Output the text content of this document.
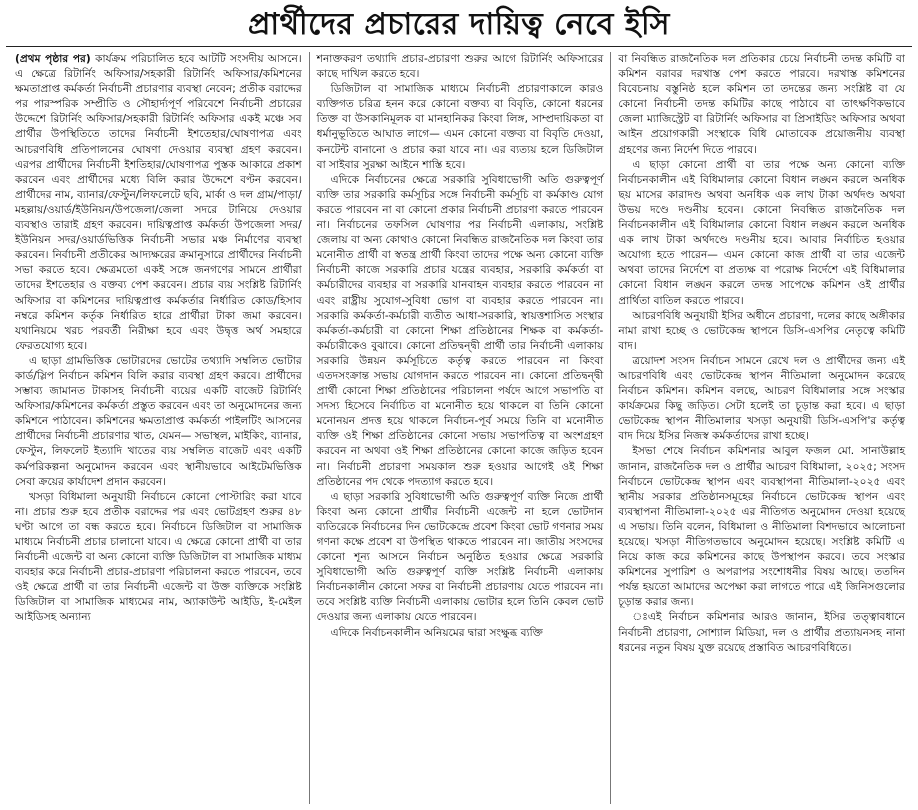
প্রার্থীদের প্রচারের দায়িত্ব নেবে ইসি

(প্রথম পৃষ্ঠার পর) কার্যক্রম পরিচালিত হবে আটটি সংসদীয় আসনে। এ ক্ষেত্রে রিটার্নিং অফিসার/সহকারী রিটার্নিং অফিসার/কমিশনের ক্ষমতাপ্রাপ্ত কর্মকর্তা নির্বাচনী প্রচারণার ব্যবস্থা নেবেন; প্রতীক বরাদ্দের পর পারস্পরিক সম্প্রীতি ও সৌহার্দ্যপূর্ণ পরিবেশে নির্বাচনী প্রচারের উদ্দেশে রিটার্নিং অফিসার/সহকারী রিটার্নিং অফিসার একই মঞ্চে সব প্রার্থীর উপস্থিতিতে তাদের নির্বাচনী ইশতেহার/ঘোষণাপত্র এবং আচরণবিধি প্রতিপালনের ঘোষণা দেওয়ার ব্যবস্থা গ্রহণ করবেন। এরপর প্রার্থীদের নির্বাচনী ইশতিহার/ঘোষণাপত্র পুস্তক আকারে প্রকাশ করবেন এবং প্রার্থীদের মধ্যে বিলি করার উদ্দেশে বণ্টন করবেন। প্রার্থীদের নাম, ব্যানার/ফেস্টুন/লিফলেটে ছবি, মার্কা ও দল গ্রাম/পাড়া/মহল্লায়/ওয়ার্ড/ইউনিয়ন/উপজেলা/জেলা সদরে টানিয়ে দেওয়ার ব্যবস্থাও তারাই গ্রহণ করবেন। দায়িত্বপ্রাপ্ত কর্মকর্তা উপজেলা সদর/ইউনিয়ন সদর/ওয়ার্ডভিত্তিক নির্বাচনী সভার মঞ্চ নির্মাণের ব্যবস্থা করবেন। নির্বাচনী প্রতীকের আদ্যক্ষরের ক্রমানুসারে প্রার্থীদের নির্বাচনী সভা করতে হবে। ক্ষেত্রমতো একই সঙ্গে জনগণের সামনে প্রার্থীরা তাদের ইশতেহার ও বক্তব্য পেশ করবেন। প্রচার ব্যয় সংশ্লিষ্ট রিটার্নিং অফিসার বা কমিশনের দায়িত্বপ্রাপ্ত কর্মকর্তার নির্ধারিত কোড/হিসাব নম্বরে কমিশন কর্তৃক নির্ধারিত হারে প্রার্থীরা টাকা জমা করবেন। যথানিয়মে খরচ পরবর্তী নিরীক্ষা হবে এবং উদ্বৃত্ত অর্থ সমহারে ফেরতযোগ্য হবে।

এ ছাড়া গ্রামভিত্তিক ভোটারদের ভোটের তথ্যাদি সম্বলিত ভোটার কার্ড/স্লিপ নির্বাচন কমিশন বিলি করার ব্যবস্থা গ্রহণ করবে। প্রার্থীদের সম্ভাব্য জামানত টাকাসহ নির্বাচনী ব্যয়ের একটি বাজেট রিটার্নিং অফিসার/কমিশনের কর্মকর্তা প্রস্তুত করবেন এবং তা অনুমোদনের জন্য কমিশনে পাঠাবেন। কমিশনের ক্ষমতাপ্রাপ্ত কর্মকর্তা পাইলটিং আসনের প্রার্থীদের নির্বাচনী প্রচারণার খাত, যেমন— সভাস্থল, মাইকিং, ব্যানার, ফেস্টুন, লিফলেট ইত্যাদি খাতের ব্যয় সম্বলিত বাজেট এবং একটি কর্মপরিকল্পনা অনুমোদন করবেন এবং স্থানীয়ভাবে আইটেমভিত্তিক সেবা ক্রয়ের কার্যাদেশ প্রদান করবেন।

খসড়া বিধিমালা অনুযায়ী নির্বাচনে কোনো পোস্টারিং করা যাবে না। প্রচার শুরু হবে প্রতীক বরাদ্দের পর এবং ভোটগ্রহণ শুরুর ৪৮ ঘণ্টা আগে তা বন্ধ করতে হবে। নির্বাচনে ডিজিটাল বা সামাজিক মাধ্যমে নির্বাচনী প্রচার চালানো যাবে। এ ক্ষেত্রে কোনো প্রার্থী বা তার নির্বাচনী এজেন্ট বা অন্য কোনো ব্যক্তি ডিজিটাল বা সামাজিক মাধ্যম ব্যবহার করে নির্বাচনী প্রচার-প্রচারণা পরিচালনা করতে পারবেন, তবে ওই ক্ষেত্রে প্রার্থী বা তার নির্বাচনী এজেন্ট বা উক্ত ব্যক্তিকে সংশ্লিষ্ট ডিজিটাল বা সামাজিক মাধ্যমের নাম, অ্যাকাউন্ট আইডি, ই-মেইল আইডিসহ অন্যান্য

শনাক্তকরণ তথ্যাদি প্রচার-প্রচারণা শুরুর আগে রিটার্নিং অফিসারের কাছে দাখিল করতে হবে।

ডিজিটাল বা সামাজিক মাধ্যমে নির্বাচনী প্রচারণাকালে কারও ব্যক্তিগত চরিত্র হনন করে কোনো বক্তব্য বা বিবৃতি, কোনো ধরনের তিক্ত বা উসকানিমূলক বা মানহানিকর কিংবা লিঙ্গ, সাম্প্রদায়িকতা বা ধর্মানুভূতিতে আঘাত লাগে— এমন কোনো বক্তব্য বা বিবৃতি দেওয়া, কনটেন্ট বানানো ও প্রচার করা যাবে না। এর ব্যত্যয় হলে ডিজিটাল বা সাইবার সুরক্ষা আইনে শাস্তি হবে।

এদিকে নির্বাচনের ক্ষেত্রে সরকারি সুবিধাভোগী অতি গুরুত্বপূর্ণ ব্যক্তি তার সরকারি কর্মসূচির সঙ্গে নির্বাচনী কর্মসূচি বা কর্মকাণ্ড যোগ করতে পারবেন না বা কোনো প্রকার নির্বাচনী প্রচারণা করতে পারবেন না। নির্বাচনের তফসিল ঘোষণার পর নির্বাচনী এলাকায়, সংশ্লিষ্ট জেলায় বা অন্য কোথাও কোনো নিবন্ধিত রাজনৈতিক দল কিংবা তার মনোনীত প্রার্থী বা স্বতন্ত্র প্রার্থী কিংবা তাদের পক্ষে অন্য কোনো ব্যক্তি নির্বাচনী কাজে সরকারি প্রচার যন্ত্রের ব্যবহার, সরকারি কর্মকর্তা বা কর্মচারীদের ব্যবহার বা সরকারি যানবাহন ব্যবহার করতে পারবেন না এবং রাষ্ট্রীয় সুযোগ-সুবিধা ভোগ বা ব্যবহার করতে পারবেন না। সরকারি কর্মকর্তা-কর্মচারী ব্যতীত আধা-সরকারি, স্বায়ত্তশাসিত সংস্থার কর্মকর্তা-কর্মচারী বা কোনো শিক্ষা প্রতিষ্ঠানের শিক্ষক বা কর্মকর্তা-কর্মচারীকেও বুঝাবে। কোনো প্রতিদ্বন্দ্বী প্রার্থী তার নির্বাচনী এলাকায় সরকারি উন্নয়ন কর্মসূচিতে কর্তৃত্ব করতে পারবেন না কিংবা এতদসংক্রান্ত সভায় যোগদান করতে পারবেন না। কোনো প্রতিদ্বন্দ্বী প্রার্থী কোনো শিক্ষা প্রতিষ্ঠানের পরিচালনা পর্ষদে আগে সভাপতি বা সদস্য হিসেবে নির্বাচিত বা মনোনীত হয়ে থাকলে বা তিনি কোনো মনোনয়ন প্রদত্ত হয়ে থাকলে নির্বাচন-পূর্ব সময়ে তিনি বা মনোনীত ব্যক্তি ওই শিক্ষা প্রতিষ্ঠানের কোনো সভায় সভাপতিত্ব বা অংশগ্রহণ করবেন না অথবা ওই শিক্ষা প্রতিষ্ঠানের কোনো কাজে জড়িত হবেন না। নির্বাচনী প্রচারণা সময়কাল শুরু হওয়ার আগেই ওই শিক্ষা প্রতিষ্ঠানের পদ থেকে পদত্যাগ করতে হবে।

এ ছাড়া সরকারি সুবিধাভোগী অতি গুরুত্বপূর্ণ ব্যক্তি নিজে প্রার্থী কিংবা অন্য কোনো প্রার্থীর নির্বাচনী এজেন্ট না হলে ভোটদান ব্যতিরেকে নির্বাচনের দিন ভোটকেন্দ্রে প্রবেশ কিংবা ভোট গণনার সময় গণনা কক্ষে প্রবেশ বা উপস্থিত থাকতে পারবেন না। জাতীয় সংসদের কোনো শূন্য আসনে নির্বাচন অনুষ্ঠিত হওয়ার ক্ষেত্রে সরকারি সুবিধাভোগী অতি গুরুত্বপূর্ণ ব্যক্তি সংশ্লিষ্ট নির্বাচনী এলাকায় নির্বাচনকালীন কোনো সফর বা নির্বাচনী প্রচারণায় যেতে পারবেন না। তবে সংশ্লিষ্ট ব্যক্তি নির্বাচনী এলাকায় ভোটার হলে তিনি কেবল ভোট দেওয়ার জন্য এলাকায় যেতে পারবেন।

এদিকে নির্বাচনকালীন অনিয়মের দ্বারা সংক্ষুব্ধ ব্যক্তি

বা নিবন্ধিত রাজনৈতিক দল প্রতিকার চেয়ে নির্বাচনী তদন্ত কমিটি বা কমিশন বরাবর দরখাস্ত পেশ করতে পারবে। দরখাস্ত কমিশনের বিবেচনায় বস্তুনিষ্ঠ হলে কমিশন তা তদন্তের জন্য সংশ্লিষ্ট বা যে কোনো নির্বাচনী তদন্ত কমিটির কাছে পাঠাবে বা তাৎক্ষণিকভাবে জেলা ম্যাজিস্ট্রেট বা রিটার্নিং অফিসার বা প্রিসাইডিং অফিসার অথবা আইন প্রয়োগকারী সংস্থাকে বিধি মোতাবেক প্রয়োজনীয় ব্যবস্থা গ্রহণের জন্য নির্দেশ দিতে পারবে।

এ ছাড়া কোনো প্রার্থী বা তার পক্ষে অন্য কোনো ব্যক্তি নির্বাচনকালীন এই বিধিমালার কোনো বিধান লঙ্ঘন করলে অনধিক ছয় মাসের কারাদণ্ড অথবা অনধিক এক লাখ টাকা অর্থদণ্ড অথবা উভয় দণ্ডে দণ্ডনীয় হবেন। কোনো নিবন্ধিত রাজনৈতিক দল নির্বাচনকালীন এই বিধিমালার কোনো বিধান লঙ্ঘন করলে অনধিক এক লাখ টাকা অর্থদণ্ডে দণ্ডনীয় হবে। আবার নির্বাচিত হওয়ার অযোগ্য হতে পারেন— এমন কোনো কাজ প্রার্থী বা তার এজেন্ট অথবা তাদের নির্দেশে বা প্রত্যক্ষ বা পরোক্ষ নির্দেশে এই বিধিমালার কোনো বিধান লঙ্ঘন করলে তদন্ত সাপেক্ষে কমিশন ওই প্রার্থীর প্রার্থিতা বাতিল করতে পারবে।

আচরণবিধি অনুযায়ী ইসির অধীনে প্রচারণা, দলের কাছে অঙ্গীকার নামা রাখা হচ্ছে ও ভোটকেন্দ্র স্থাপনে ডিসি-এসপির নেতৃত্বে কমিটি বাদ।

ত্রয়োদশ সংসদ নির্বাচন সামনে রেখে দল ও প্রার্থীদের জন্য এই আচরণবিধি এবং ভোটকেন্দ্র স্থাপন নীতিমালা অনুমোদন করেছে নির্বাচন কমিশন। কমিশন বলছে, আচরণ বিধিমালার সঙ্গে সংস্কার কার্যক্রমের কিছু জড়িত। সেটা হলেই তা চূড়ান্ত করা হবে। এ ছাড়া ভোটকেন্দ্র স্থাপন নীতিমালার খসড়া অনুযায়ী ডিসি-এসপি'র কর্তৃত্ব বাদ দিয়ে ইসির নিজস্ব কর্মকর্তাদের রাখা হচ্ছে।

ইসভা শেষে নির্বাচন কমিশনার আবুল ফজল মো. সানাউল্লাহ জানান, রাজনৈতিক দল ও প্রার্থীর আচরণ বিধিমালা, ২০২৫; সংসদ নির্বাচনে ভোটকেন্দ্র স্থাপন এবং ব্যবস্থাপনা নীতিমালা-২০২৫ এবং স্থানীয় সরকার প্রতিষ্ঠানসমূহের নির্বাচনে ভোটকেন্দ্র স্থাপন এবং ব্যবস্থাপনা নীতিমালা-২০২৫ এর নীতিগত অনুমোদন দেওয়া হয়েছে এ সভায়। তিনি বলেন, বিধিমালা ও নীতিমালা বিশদভাবে আলোচনা হয়েছে। খসড়া নীতিগতভাবে অনুমোদন হয়েছে। সংশ্লিষ্ট কমিটি এ নিয়ে কাজ করে কমিশনের কাছে উপস্থাপন করবে। তবে সংস্কার কমিশনের সুপারিশ ও অপরাপর সংশোধনীর বিষয় আছে। ততদিন পর্যন্ত হয়তো আমাদের অপেক্ষা করা লাগতে পারে এই জিনিসগুলোর চূড়ান্ত করার জন্য।

ঃএই নির্বাচন কমিশনার আরও জানান, ইসির তত্ত্বাবধানে নির্বাচনী প্রচারণা, সোশ্যাল মিডিয়া, দল ও প্রার্থীর প্রত্যায়নসহ নানা ধরনের নতুন বিষয় যুক্ত রয়েছে প্রস্তাবিত আচরণবিধিতে।
